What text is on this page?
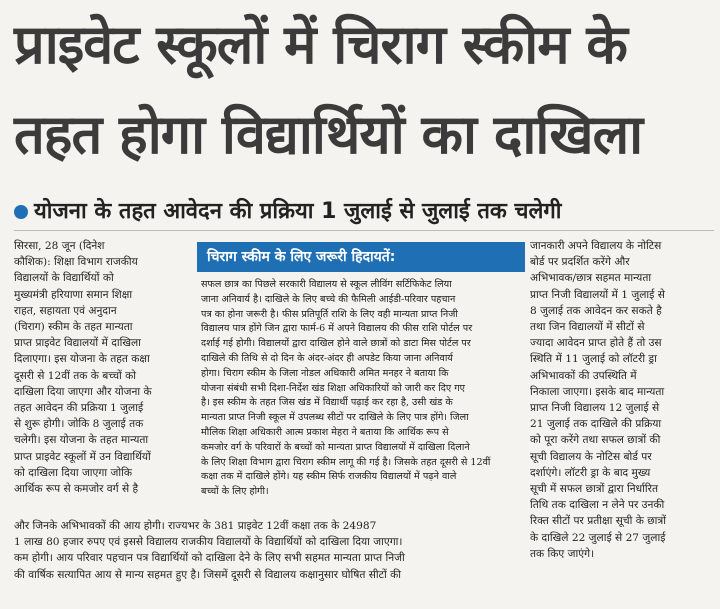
प्राइवेट स्कूलों में चिराग स्कीम के
तहत होगा विद्यार्थियों का दाखिला
योजना के तहत आवेदन की प्रक्रिया 1 जुलाई से जुलाई तक चलेगी
सिरसा, 28 जून (दिनेश
कौशिक): शिक्षा विभाग राजकीय
विद्यालयों के विद्यार्थियों को
मुख्यमंत्री हरियाणा समान शिक्षा
राहत, सहायता एवं अनुदान
(चिराग) स्कीम के तहत मान्यता
प्राप्त प्राइवेट विद्यालयों में दाखिला
दिलाएगा। इस योजना के तहत कक्षा
दूसरी से 12वीं तक के बच्चों को
दाखिला दिया जाएगा और योजना के
तहत आवेदन की प्रक्रिया 1 जुलाई
से शुरू होगी। जोकि 8 जुलाई तक
चलेगी। इस योजना के तहत मान्यता
प्राप्त प्राइवेट स्कूलों में उन विद्यार्थियों
को दाखिला दिया जाएगा जोकि
आर्थिक रूप से कमजोर वर्ग से है
चिराग स्कीम के लिए जरूरी हिदायतें:
सफल छात्र का पिछले सरकारी विद्यालय से स्कूल लीविंग सर्टिफिकेट लिया
जाना अनिवार्य है। दाखिले के लिए बच्चे की फैमिली आईडी-परिवार पहचान
पत्र का होना जरूरी है। फीस प्रतिपूर्ति राशि के लिए वही मान्यता प्राप्त निजी
विद्यालय पात्र होंगे जिन द्वारा फार्म-6 में अपने विद्यालय की फीस राशि पोर्टल पर
दर्शाई गई होगी। विद्यालयों द्वारा दाखिल होने वाले छात्रों को डाटा मिस पोर्टल पर
दाखिले की तिथि से दो दिन के अंदर-अंदर ही अपडेट किया जाना अनिवार्य
होगा। चिराग स्कीम के जिला नोडल अधिकारी अमित मनहर ने बताया कि
योजना संबंधी सभी दिशा-निर्देश खंड शिक्षा अधिकारियों को जारी कर दिए गए
है। इस स्कीम के तहत जिस खंड में विद्यार्थी पढ़ाई कर रहा है, उसी खंड के
मान्यता प्राप्त निजी स्कूल में उपलब्ध सीटों पर दाखिले के लिए पात्र होंगे। जिला
मौलिक शिक्षा अधिकारी आत्म प्रकाश मेहरा ने बताया कि आर्थिक रूप से
कमजोर वर्ग के परिवारों के बच्चों को मान्यता प्राप्त विद्यालयों में दाखिला दिलाने
के लिए शिक्षा विभाग द्वारा चिराग स्कीम लागू की गई है। जिसके तहत दूसरी से 12वीं
कक्षा तक में दाखिले होंगे। यह स्कीम सिर्फ राजकीय विद्यालयों में पढ़ने वाले
बच्चों के लिए होगी।
जानकारी अपने विद्यालय के नोटिस
बोर्ड पर प्रदर्शित करेंगे और
अभिभावक/छात्र सहमत मान्यता
प्राप्त निजी विद्यालयों में 1 जुलाई से
8 जुलाई तक आवेदन कर सकते है
तथा जिन विद्यालयों में सीटों से
ज्यादा आवेदन प्राप्त होते हैं तो उस
स्थिति में 11 जुलाई को लॉटरी ड्रा
अभिभावकों की उपस्थिति में
निकाला जाएगा। इसके बाद मान्यता
प्राप्त निजी विद्यालय 12 जुलाई से
21 जुलाई तक दाखिले की प्रक्रिया
को पूरा करेंगे तथा सफल छात्रों की
सूची विद्यालय के नोटिस बोर्ड पर
दर्शाएंगे। लॉटरी ड्रा के बाद मुख्य
सूची में सफल छात्रों द्वारा निर्धारित
तिथि तक दाखिला न लेने पर उनकी
रिक्त सीटों पर प्रतीक्षा सूची के छात्रों
के दाखिले 22 जुलाई से 27 जुलाई
तक किए जाएंगे।
और जिनके अभिभावकों की आय होगी। राज्यभर के 381 प्राइवेट 12वीं कक्षा तक के 24987
1 लाख 80 हजार रुपए एवं इससे विद्यालय राजकीय विद्यालयों के विद्यार्थियों को दाखिला दिया जाएगा।
कम होगी। आय परिवार पहचान पत्र विद्यार्थियों को दाखिला देने के लिए सभी सहमत मान्यता प्राप्त निजी
की वार्षिक सत्यापित आय से मान्य सहमत हुए है। जिसमें दूसरी से विद्यालय कक्षानुसार घोषित सीटों की
